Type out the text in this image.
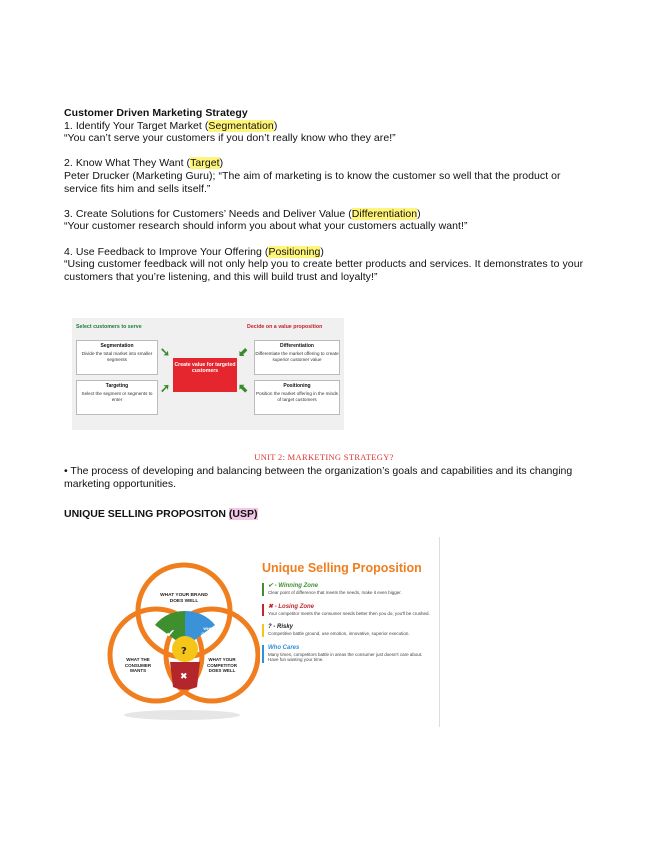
Customer Driven Marketing Strategy
1. Identify Your Target Market (Segmentation)
“You can’t serve your customers if you don’t really know who they are!”
2. Know What They Want (Target)
Peter Drucker (Marketing Guru); “The aim of marketing is to know the customer so well that the product or service fits him and sells itself.”
3. Create Solutions for Customers’ Needs and Deliver Value (Differentiation)
“Your customer research should inform you about what your customers actually want!”
4. Use Feedback to Improve Your Offering (Positioning)
“Using customer feedback will not only help you to create better products and services. It demonstrates to your customers that you’re listening, and this will build trust and loyalty!”
Select customers to serve	Decide on a value proposition
Segmentation
Divide the total market into smaller segments
Targeting
Select the segment or segments to enter
➘
➚
Create value for targeted customers
⬋
⬉
Differentiation
Differentiate the market offering to create superior customer value
Positioning
Position the market offering in the minds of target customers
UNIT 2: MARKETING STRATEGY?
• The process of developing and balancing between the organization’s goals and capabilities and its changing marketing opportunities.
UNIQUE SELLING PROPOSITON (USP)
✔
?
✖
WHAT YOUR BRAND DOES WELL
WHO CARES
WHAT THE CONSUMER WANTS
WHAT YOUR COMPETITOR DOES WELL
Unique Selling Proposition
✔ - Winning Zone
Clear point of difference that meets the needs, make it even bigger.
✖ - Losing Zone
Your competitor meets the consumer needs better then you do, you'll be crushed.
? - Risky
Competitive battle ground, use emotion, innovative, superior execution.
Who Cares
Many times, competitors battle in areas the consumer just doesn't care about. Have fun wasting your time.
